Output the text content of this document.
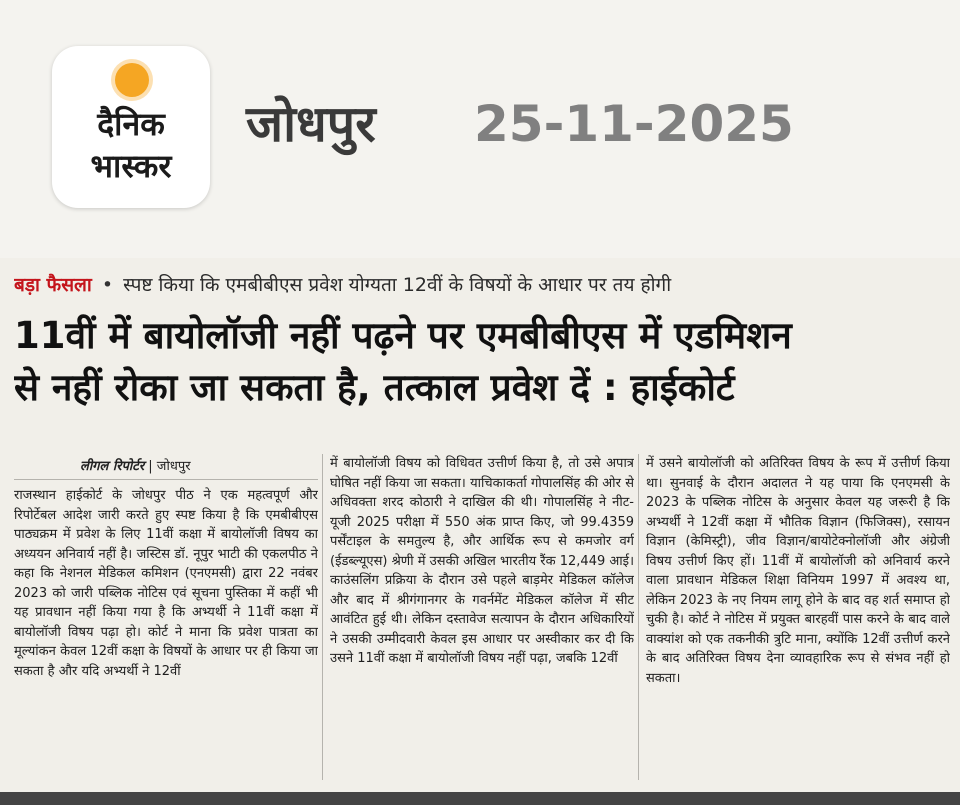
दैनिक
भास्कर
जोधपुर 25-11-2025
बड़ा फैसला • स्पष्ट किया कि एमबीबीएस प्रवेश योग्यता 12वीं के विषयों के आधार पर तय होगी
11वीं में बायोलॉजी नहीं पढ़ने पर एमबीबीएस में एडमिशन
से नहीं रोका जा सकता है, तत्काल प्रवेश दें : हाईकोर्ट
लीगल रिपोर्टर | जोधपुर

राजस्थान हाईकोर्ट के जोधपुर पीठ ने एक महत्वपूर्ण और रिपोर्टेबल आदेश जारी करते हुए स्पष्ट किया है कि एमबीबीएस पाठ्यक्रम में प्रवेश के लिए 11वीं कक्षा में बायोलॉजी विषय का अध्ययन अनिवार्य नहीं है। जस्टिस डॉ. नूपुर भाटी की एकलपीठ ने कहा कि नेशनल मेडिकल कमिशन (एनएमसी) द्वारा 22 नवंबर 2023 को जारी पब्लिक नोटिस एवं सूचना पुस्तिका में कहीं भी यह प्रावधान नहीं किया गया है कि अभ्यर्थी ने 11वीं कक्षा में बायोलॉजी विषय पढ़ा हो। कोर्ट ने माना कि प्रवेश पात्रता का मूल्यांकन केवल 12वीं कक्षा के विषयों के आधार पर ही किया जा सकता है और यदि अभ्यर्थी ने 12वीं

में बायोलॉजी विषय को विधिवत उत्तीर्ण किया है, तो उसे अपात्र घोषित नहीं किया जा सकता। याचिकाकर्ता गोपालसिंह की ओर से अधिवक्ता शरद कोठारी ने दाखिल की थी। गोपालसिंह ने नीट-यूजी 2025 परीक्षा में 550 अंक प्राप्त किए, जो 99.4359 पर्सेंटाइल के समतुल्य है, और आर्थिक रूप से कमजोर वर्ग (ईडब्ल्यूएस) श्रेणी में उसकी अखिल भारतीय रैंक 12,449 आई। काउंसलिंग प्रक्रिया के दौरान उसे पहले बाड़मेर मेडिकल कॉलेज और बाद में श्रीगंगानगर के गवर्नमेंट मेडिकल कॉलेज में सीट आवंटित हुई थी। लेकिन दस्तावेज सत्यापन के दौरान अधिकारियों ने उसकी उम्मीदवारी केवल इस आधार पर अस्वीकार कर दी कि उसने 11वीं कक्षा में बायोलॉजी विषय नहीं पढ़ा, जबकि 12वीं

में उसने बायोलॉजी को अतिरिक्त विषय के रूप में उत्तीर्ण किया था। सुनवाई के दौरान अदालत ने यह पाया कि एनएमसी के 2023 के पब्लिक नोटिस के अनुसार केवल यह जरूरी है कि अभ्यर्थी ने 12वीं कक्षा में भौतिक विज्ञान (फिजिक्स), रसायन विज्ञान (केमिस्ट्री), जीव विज्ञान/बायोटेक्नोलॉजी और अंग्रेजी विषय उत्तीर्ण किए हों। 11वीं में बायोलॉजी को अनिवार्य करने वाला प्रावधान मेडिकल शिक्षा विनियम 1997 में अवश्य था, लेकिन 2023 के नए नियम लागू होने के बाद वह शर्त समाप्त हो चुकी है। कोर्ट ने नोटिस में प्रयुक्त बारहवीं पास करने के बाद वाले वाक्यांश को एक तकनीकी त्रुटि माना, क्योंकि 12वीं उत्तीर्ण करने के बाद अतिरिक्त विषय देना व्यावहारिक रूप से संभव नहीं हो सकता।
